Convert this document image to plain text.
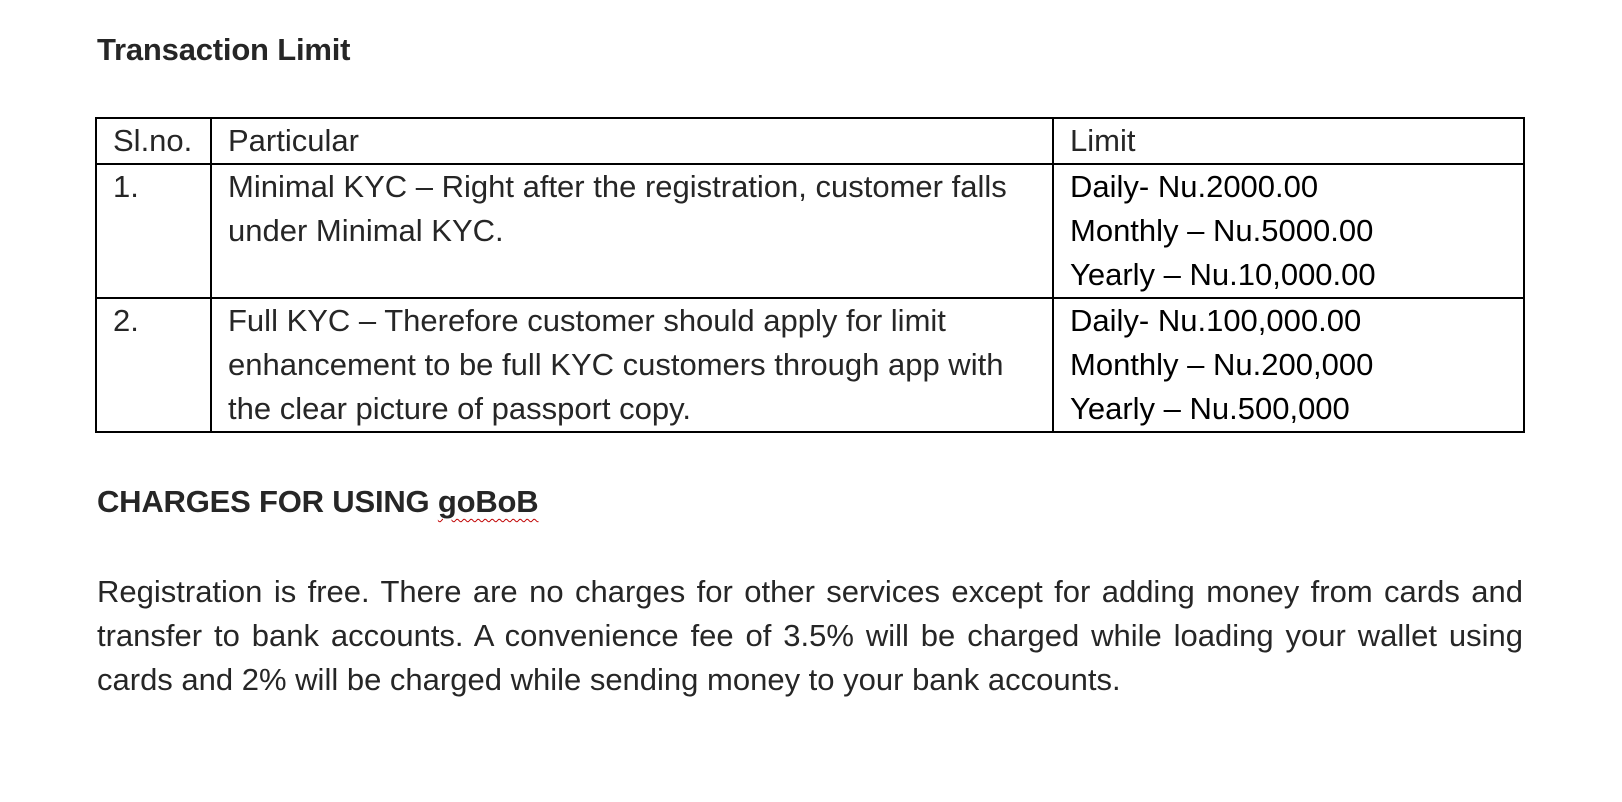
Transaction Limit
Sl.no.	Particular	Limit
1.	Minimal KYC – Right after the registration, customer falls under Minimal KYC.	Daily- Nu.2000.00
Monthly – Nu.5000.00
Yearly – Nu.10,000.00

2.	Full KYC – Therefore customer should apply for limit enhancement to be full KYC customers through app with the clear picture of passport copy.	Daily- Nu.100,000.00
Monthly – Nu.200,000
Yearly – Nu.500,000
CHARGES FOR USING goBoB

Registration is free. There are no charges for other services except for adding money from cards and transfer to bank accounts. A convenience fee of 3.5% will be charged while loading your wallet using cards and 2% will be charged while sending money to your bank accounts.
